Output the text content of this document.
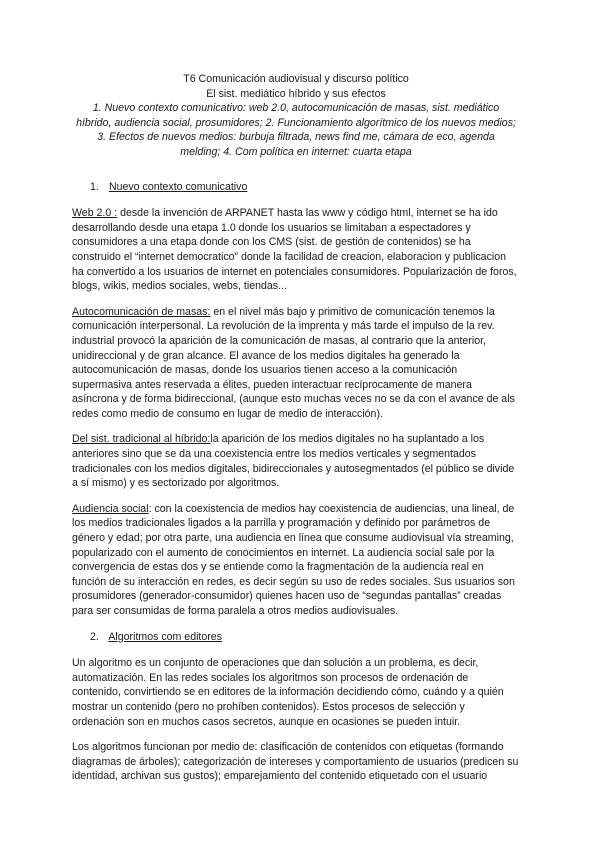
T6 Comunicación audiovisual y discurso político
El sist. mediático híbrido y sus efectos
1. Nuevo contexto comunicativo: web 2.0, autocomunicación de masas, sist. mediático híbrido, audiencia social, prosumidores; 2. Funcionamiento algorítmico de los nuevos medios; 3. Efectos de nuevos medios: burbuja filtrada, news find me, cámara de eco, agenda melding; 4. Com política en internet: cuarta etapa
1. Nuevo contexto comunicativo

Web 2.0 : desde la invención de ARPANET hasta las www y código html, internet se ha ido desarrollando desde una etapa 1.0 donde los usuarios se limitaban a espectadores y consumidores a una etapa donde con los CMS (sist. de gestión de contenidos) se ha construido el “internet democratico” donde la facilidad de creacion, elaboracion y publicacion ha convertido a los usuarios de internet en potenciales consumidores. Popularización de foros, blogs, wikis, medios sociales, webs, tiendas...

Autocomunicación de masas: en el nivel más bajo y primitivo de comunicación tenemos la comunicación interpersonal. La revolución de la imprenta y más tarde el impulso de la rev. industrial provocó la aparición de la comunicación de masas, al contrario que la anterior, unidireccional y de gran alcance. El avance de los medios digitales ha generado la autocomunicación de masas, donde los usuarios tienen acceso a la comunicación supermasiva antes reservada a élites, pueden interactuar recíprocamente de manera asíncrona y de forma bidireccional, (aunque esto muchas veces no se da con el avance de als redes como medio de consumo en lugar de medio de interacción).

Del sist. tradicional al híbrido:la aparición de los medios digitales no ha suplantado a los anteriores sino que se da una coexistencia entre los medios verticales y segmentados tradicionales con los medios digitales, bidireccionales y autosegmentados (el público se divide a sí mismo) y es sectorizado por algoritmos.

Audiencia social: con la coexistencia de medios hay coexistencia de audiencias, una lineal, de los medios tradicionales ligados a la parrilla y programación y definido por parámetros de género y edad; por otra parte, una audiencia en línea que consume audiovisual vía streaming, popularizado con el aumento de conocimientos en internet. La audiencia social sale por la convergencia de estas dos y se entiende como la fragmentación de la audiencia real en función de su interacción en redes, es decir según su uso de redes sociales. Sus usuarios son prosumidores (generador-consumidor) quienes hacen uso de “segundas pantallas” creadas para ser consumidas de forma paralela a otros medios audiovisuales.

2. Algoritmos com editores

Un algoritmo es un conjunto de operaciones que dan solución a un problema, es decir, automatización. En las redes sociales los algoritmos son procesos de ordenación de contenido, convirtiendo se en editores de la información decidiendo cómo, cuándo y a quién mostrar un contenido (pero no prohíben contenidos). Estos procesos de selección y ordenación son en muchos casos secretos, aunque en ocasiones se pueden intuir.

Los algoritmos funcionan por medio de: clasificación de contenidos con etiquetas (formando diagramas de árboles); categorización de intereses y comportamiento de usuarios (predicen su identidad, archivan sus gustos); emparejamiento del contenido etiquetado con el usuario
